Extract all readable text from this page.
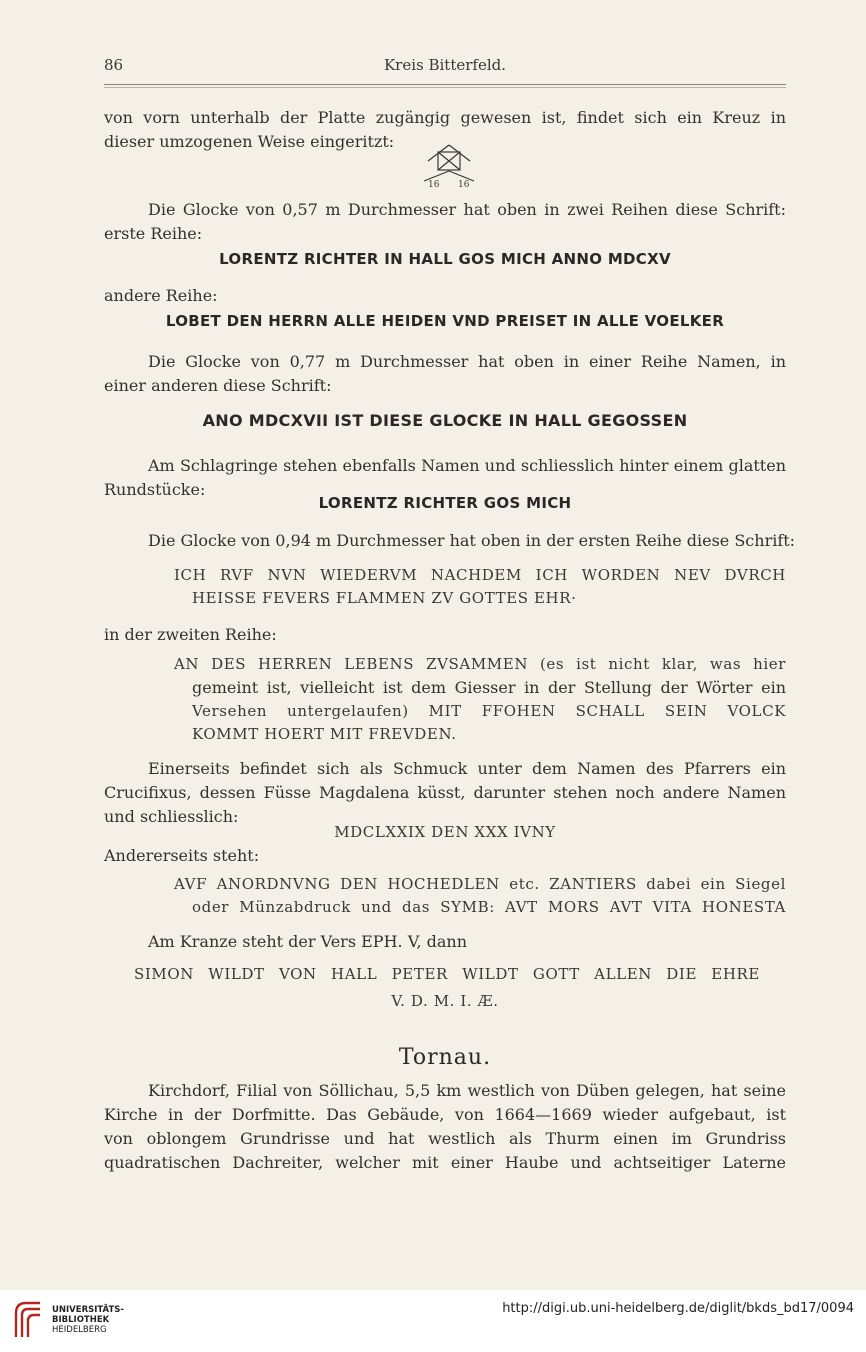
86	Kreis Bitterfeld.
von vorn unterhalb der Platte zugängig gewesen ist, findet sich ein Kreuz in
dieser umzogenen Weise eingeritzt:
16 16
Die Glocke von 0,57 m Durchmesser hat oben in zwei Reihen diese Schrift:
erste Reihe:
LORENTZ RICHTER IN HALL GOS MICH ANNO MDCXV
andere Reihe:
LOBET DEN HERRN ALLE HEIDEN VND PREISET IN ALLE VOELKER
Die Glocke von 0,77 m Durchmesser hat oben in einer Reihe Namen, in
einer anderen diese Schrift:
ANO MDCXVII IST DIESE GLOCKE IN HALL GEGOSSEN
Am Schlagringe stehen ebenfalls Namen und schliesslich hinter einem glatten
Rundstücke:
LORENTZ RICHTER GOS MICH
Die Glocke von 0,94 m Durchmesser hat oben in der ersten Reihe diese Schrift:
ICH RVF NVN WIEDERVM NACHDEM ICH WORDEN NEV DVRCH
HEISSE FEVERS FLAMMEN ZV GOTTES EHR·
in der zweiten Reihe:
AN DES HERREN LEBENS ZVSAMMEN (es ist nicht klar, was hier
gemeint ist, vielleicht ist dem Giesser in der Stellung der Wörter ein
Versehen untergelaufen) MIT FFOHEN SCHALL SEIN VOLCK
KOMMT HOERT MIT FREVDEN.
Einerseits befindet sich als Schmuck unter dem Namen des Pfarrers ein
Crucifixus, dessen Füsse Magdalena küsst, darunter stehen noch andere Namen
und schliesslich:
MDCLXXIX DEN XXX IVNY
Andererseits steht:
AVF ANORDNVNG DEN HOCHEDLEN etc. ZANTIERS dabei ein Siegel
oder Münzabdruck und das SYMB: AVT MORS AVT VITA HONESTA
Am Kranze steht der Vers EPH. V, dann
SIMON WILDT VON HALL PETER WILDT GOTT ALLEN DIE EHRE
V. D. M. I. Æ.
Tornau.
Kirchdorf, Filial von Söllichau, 5,5 km westlich von Düben gelegen, hat seine
Kirche in der Dorfmitte. Das Gebäude, von 1664—1669 wieder aufgebaut, ist
von oblongem Grundrisse und hat westlich als Thurm einen im Grundriss
quadratischen Dachreiter, welcher mit einer Haube und achtseitiger Laterne
UNIVERSITÄTS-
BIBLIOTHEK
HEIDELBERG
http://digi.ub.uni-heidelberg.de/diglit/bkds_bd17/0094
